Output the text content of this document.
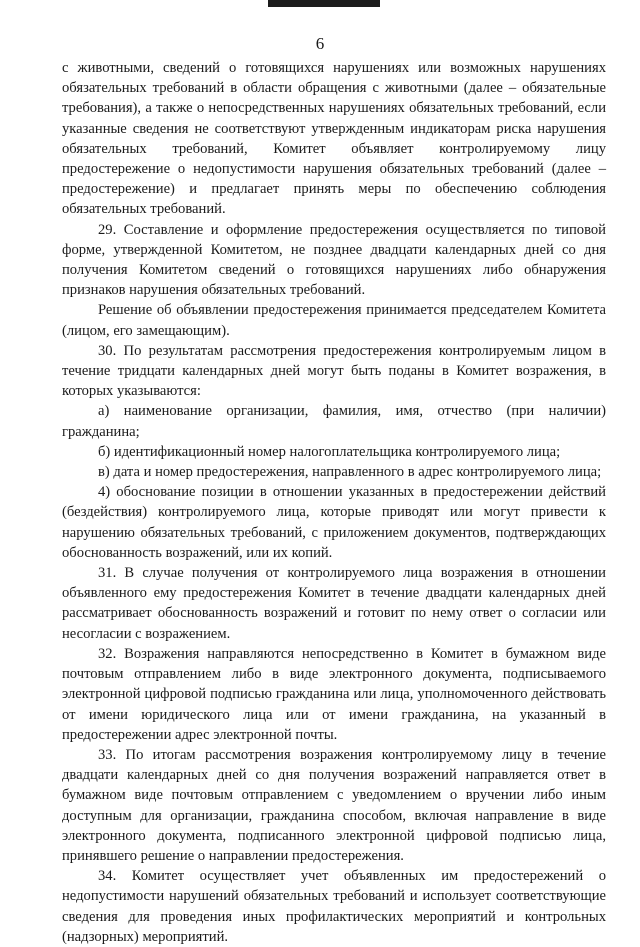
6

с животными, сведений о готовящихся нарушениях или возможных нарушениях обязательных требований в области обращения с животными (далее – обязательные требования), а также о непосредственных нарушениях обязательных требований, если указанные сведения не соответствуют утвержденным индикаторам риска нарушения обязательных требований, Комитет объявляет контролируемому лицу предостережение о недопустимости нарушения обязательных требований (далее – предостережение) и предлагает принять меры по обеспечению соблюдения обязательных требований.

29. Составление и оформление предостережения осуществляется по типовой форме, утвержденной Комитетом, не позднее двадцати календарных дней со дня получения Комитетом сведений о готовящихся нарушениях либо обнаружения признаков нарушения обязательных требований.

Решение об объявлении предостережения принимается председателем Комитета (лицом, его замещающим).

30. По результатам рассмотрения предостережения контролируемым лицом в течение тридцати календарных дней могут быть поданы в Комитет возражения, в которых указываются:

а) наименование организации, фамилия, имя, отчество (при наличии) гражданина;

б) идентификационный номер налогоплательщика контролируемого лица;

в) дата и номер предостережения, направленного в адрес контролируемого лица;

4) обоснование позиции в отношении указанных в предостережении действий (бездействия) контролируемого лица, которые приводят или могут привести к нарушению обязательных требований, с приложением документов, подтверждающих обоснованность возражений, или их копий.

31. В случае получения от контролируемого лица возражения в отношении объявленного ему предостережения Комитет в течение двадцати календарных дней рассматривает обоснованность возражений и готовит по нему ответ о согласии или несогласии с возражением.

32. Возражения направляются непосредственно в Комитет в бумажном виде почтовым отправлением либо в виде электронного документа, подписываемого электронной цифровой подписью гражданина или лица, уполномоченного действовать от имени юридического лица или от имени гражданина, на указанный в предостережении адрес электронной почты.

33. По итогам рассмотрения возражения контролируемому лицу в течение двадцати календарных дней со дня получения возражений направляется ответ в бумажном виде почтовым отправлением с уведомлением о вручении либо иным доступным для организации, гражданина способом, включая направление в виде электронного документа, подписанного электронной цифровой подписью лица, принявшего решение о направлении предостережения.

34. Комитет осуществляет учет объявленных им предостережений о недопустимости нарушений обязательных требований и использует соответствующие сведения для проведения иных профилактических мероприятий и контрольных (надзорных) мероприятий.
